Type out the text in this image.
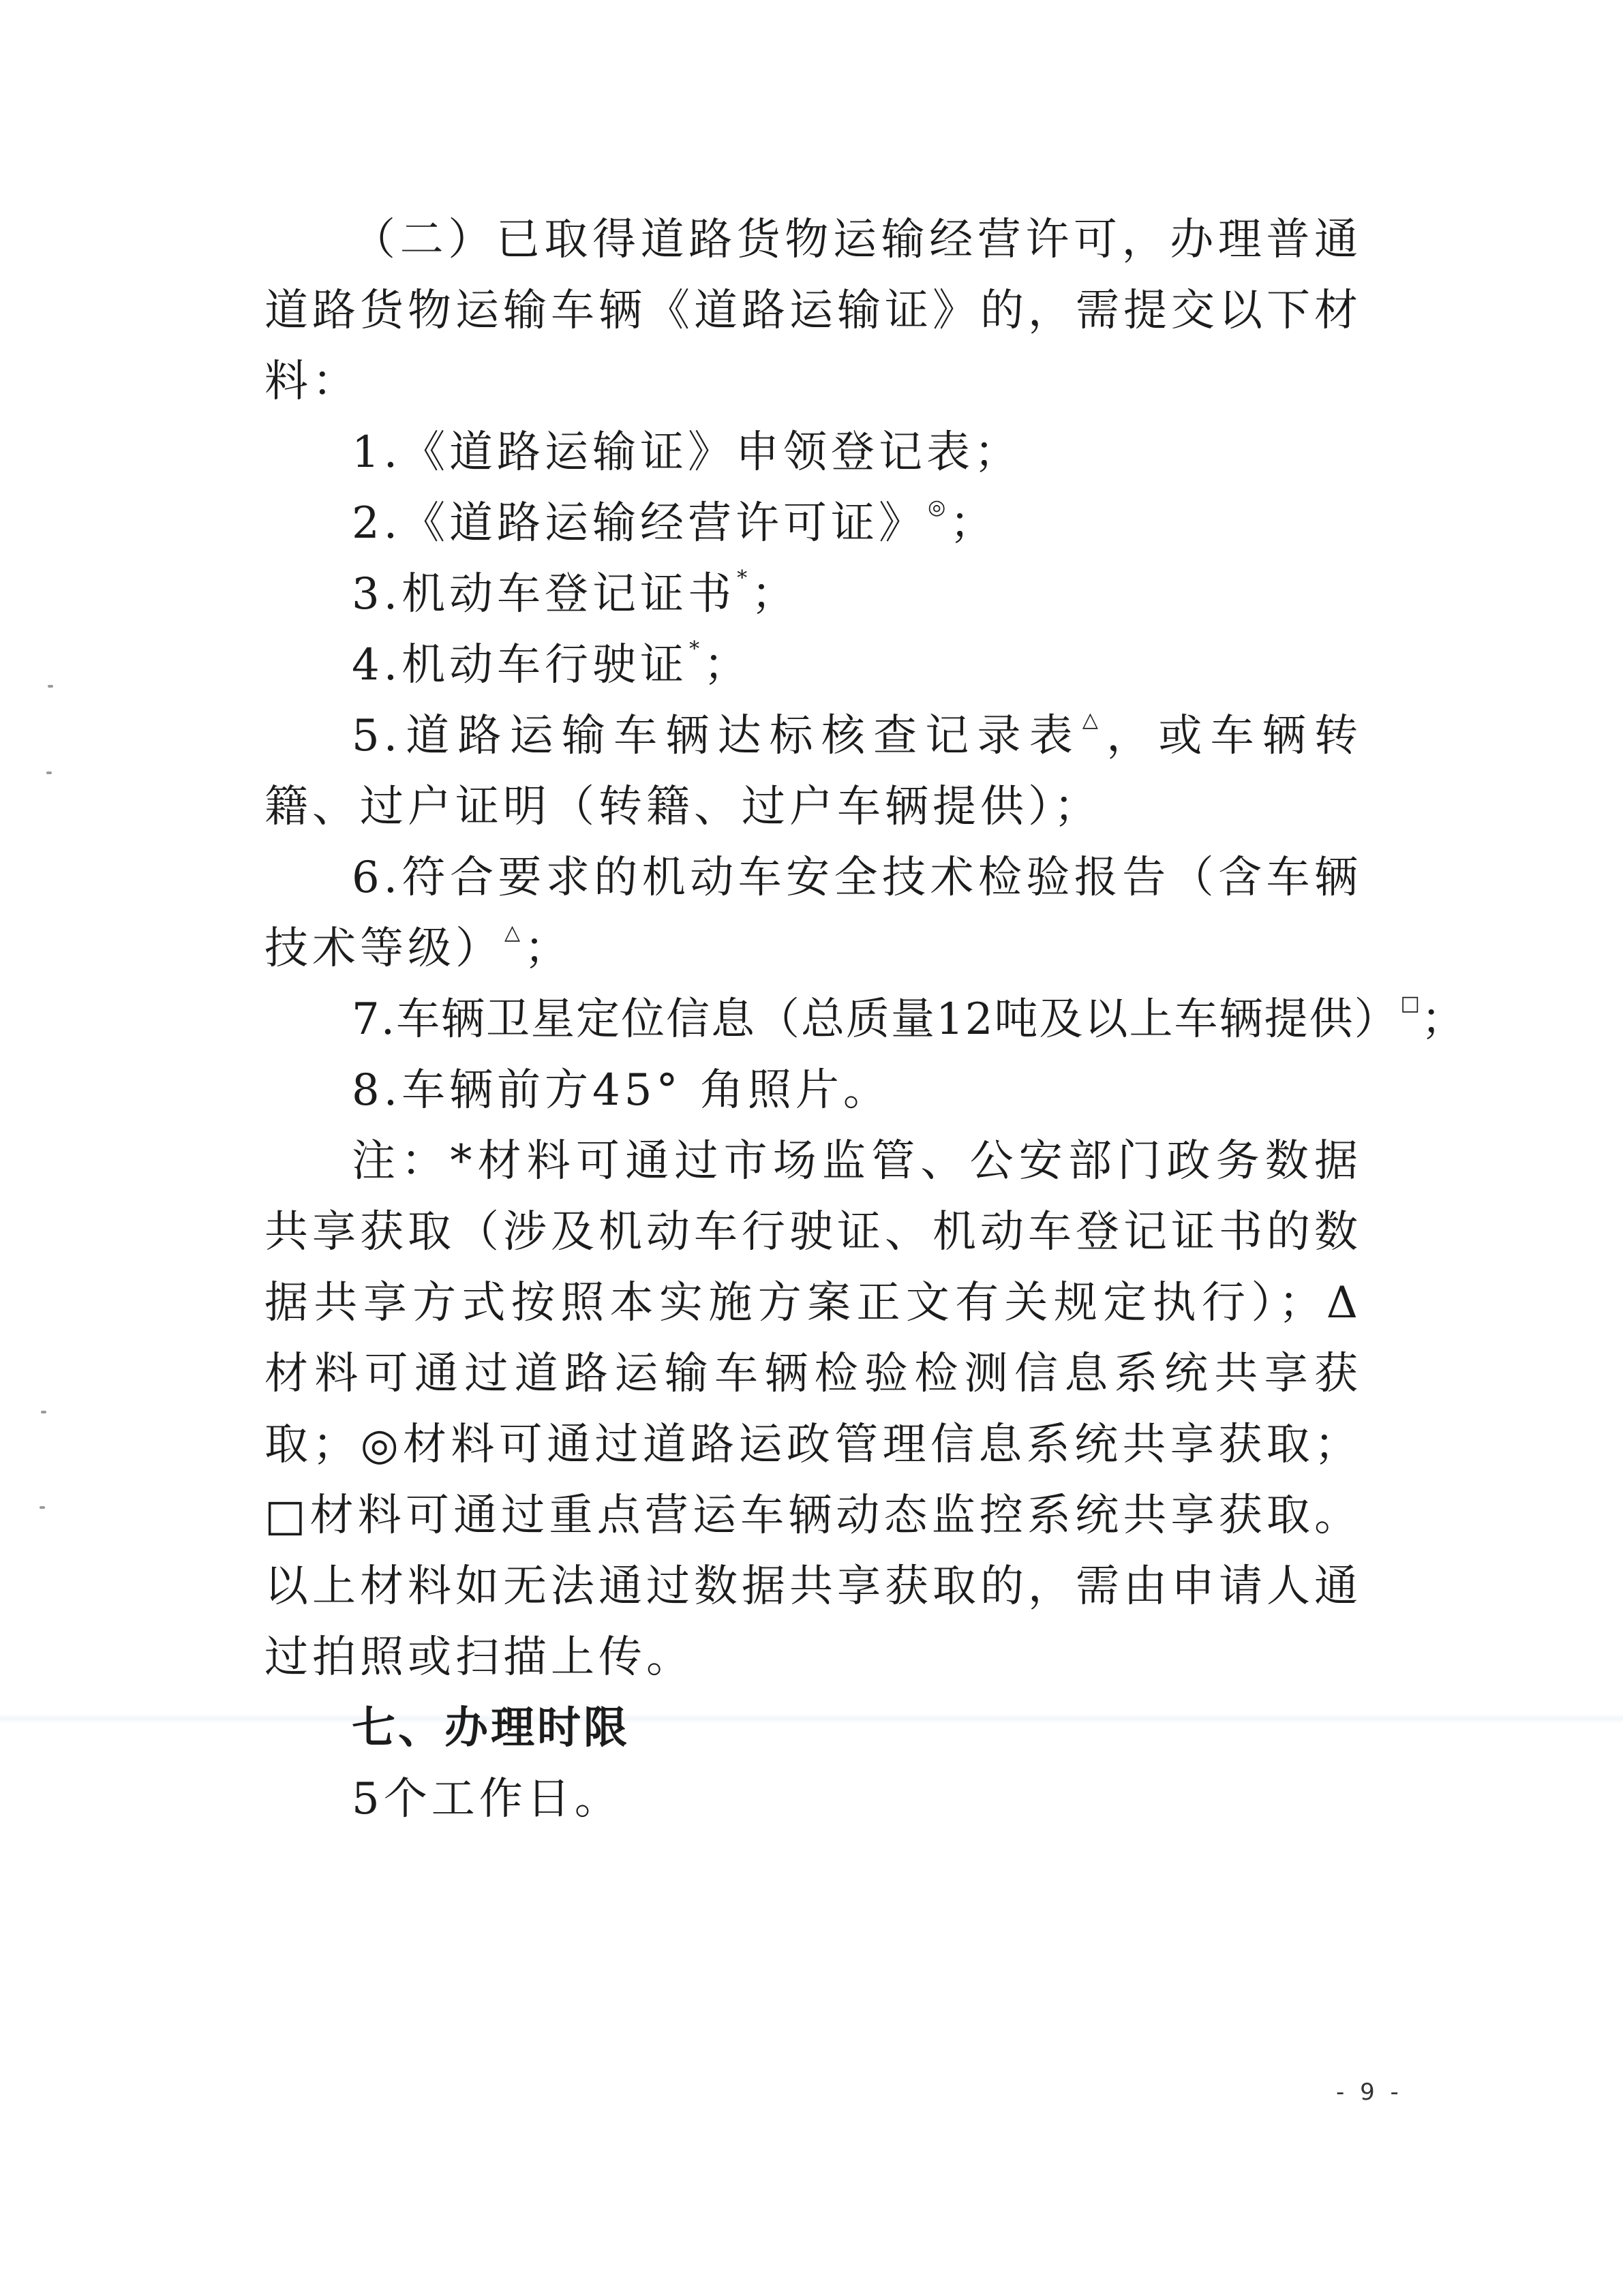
（二）已取得道路货物运输经营许可，办理普通道路货物运输车辆《道路运输证》的，需提交以下材料：

1.《道路运输证》申领登记表；

2.《道路运输经营许可证》◎；

3.机动车登记证书*；

4.机动车行驶证*；

5.道路运输车辆达标核查记录表△，或车辆转籍、过户证明（转籍、过户车辆提供）；

6.符合要求的机动车安全技术检验报告（含车辆技术等级）△；

7.车辆卫星定位信息（总质量12吨及以上车辆提供）□；

8.车辆前方45° 角照片。

注：*材料可通过市场监管、公安部门政务数据共享获取（涉及机动车行驶证、机动车登记证书的数据共享方式按照本实施方案正文有关规定执行）；Δ材料可通过道路运输车辆检验检测信息系统共享获取；◎材料可通过道路运政管理信息系统共享获取；□材料可通过重点营运车辆动态监控系统共享获取。以上材料如无法通过数据共享获取的，需由申请人通过拍照或扫描上传。

七、办理时限

5个工作日。

- 9 -
